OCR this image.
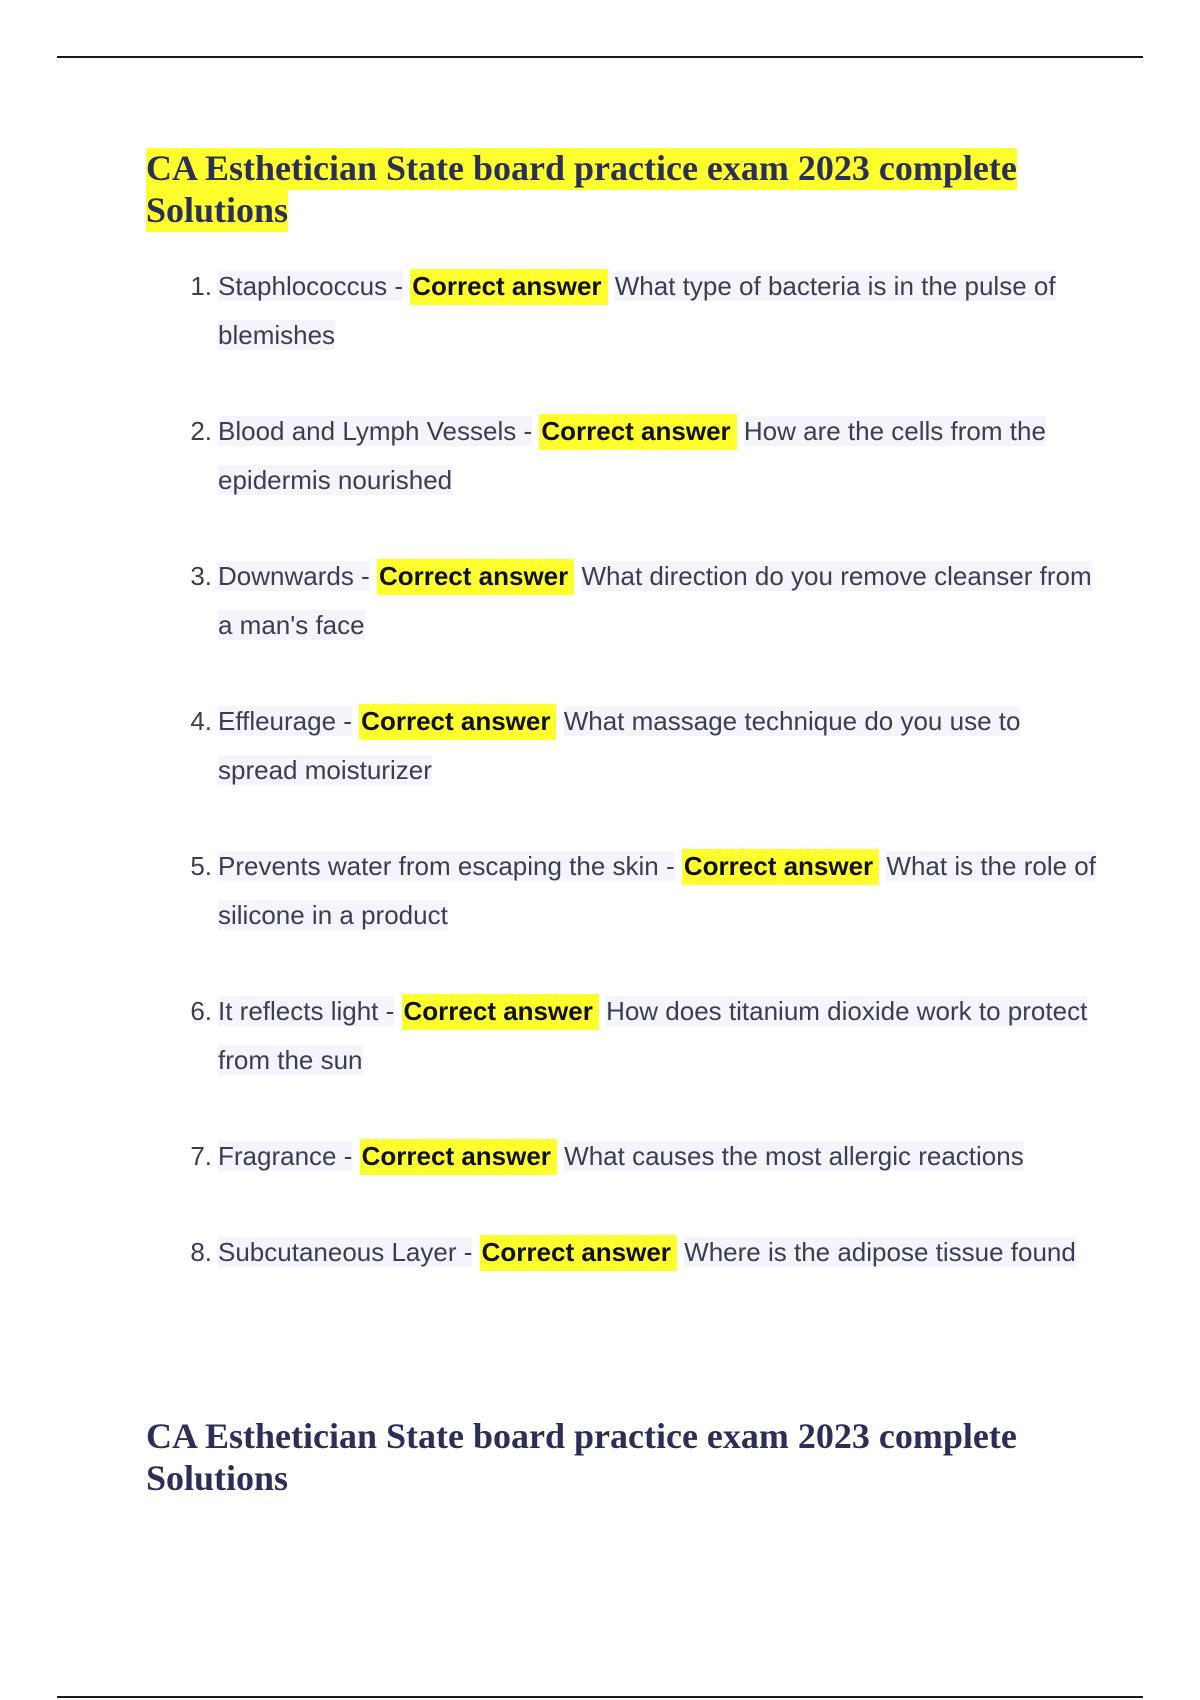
CA Esthetician State board practice exam 2023 complete Solutions
1. Staphlococcus - Correct answer What type of bacteria is in the pulse of blemishes
2. Blood and Lymph Vessels - Correct answer How are the cells from the epidermis nourished
3. Downwards - Correct answer What direction do you remove cleanser from a man's face
4. Effleurage - Correct answer What massage technique do you use to spread moisturizer
5. Prevents water from escaping the skin - Correct answer What is the role of silicone in a product
6. It reflects light - Correct answer How does titanium dioxide work to protect from the sun
7. Fragrance - Correct answer What causes the most allergic reactions
8. Subcutaneous Layer - Correct answer Where is the adipose tissue found
CA Esthetician State board practice exam 2023 complete Solutions
